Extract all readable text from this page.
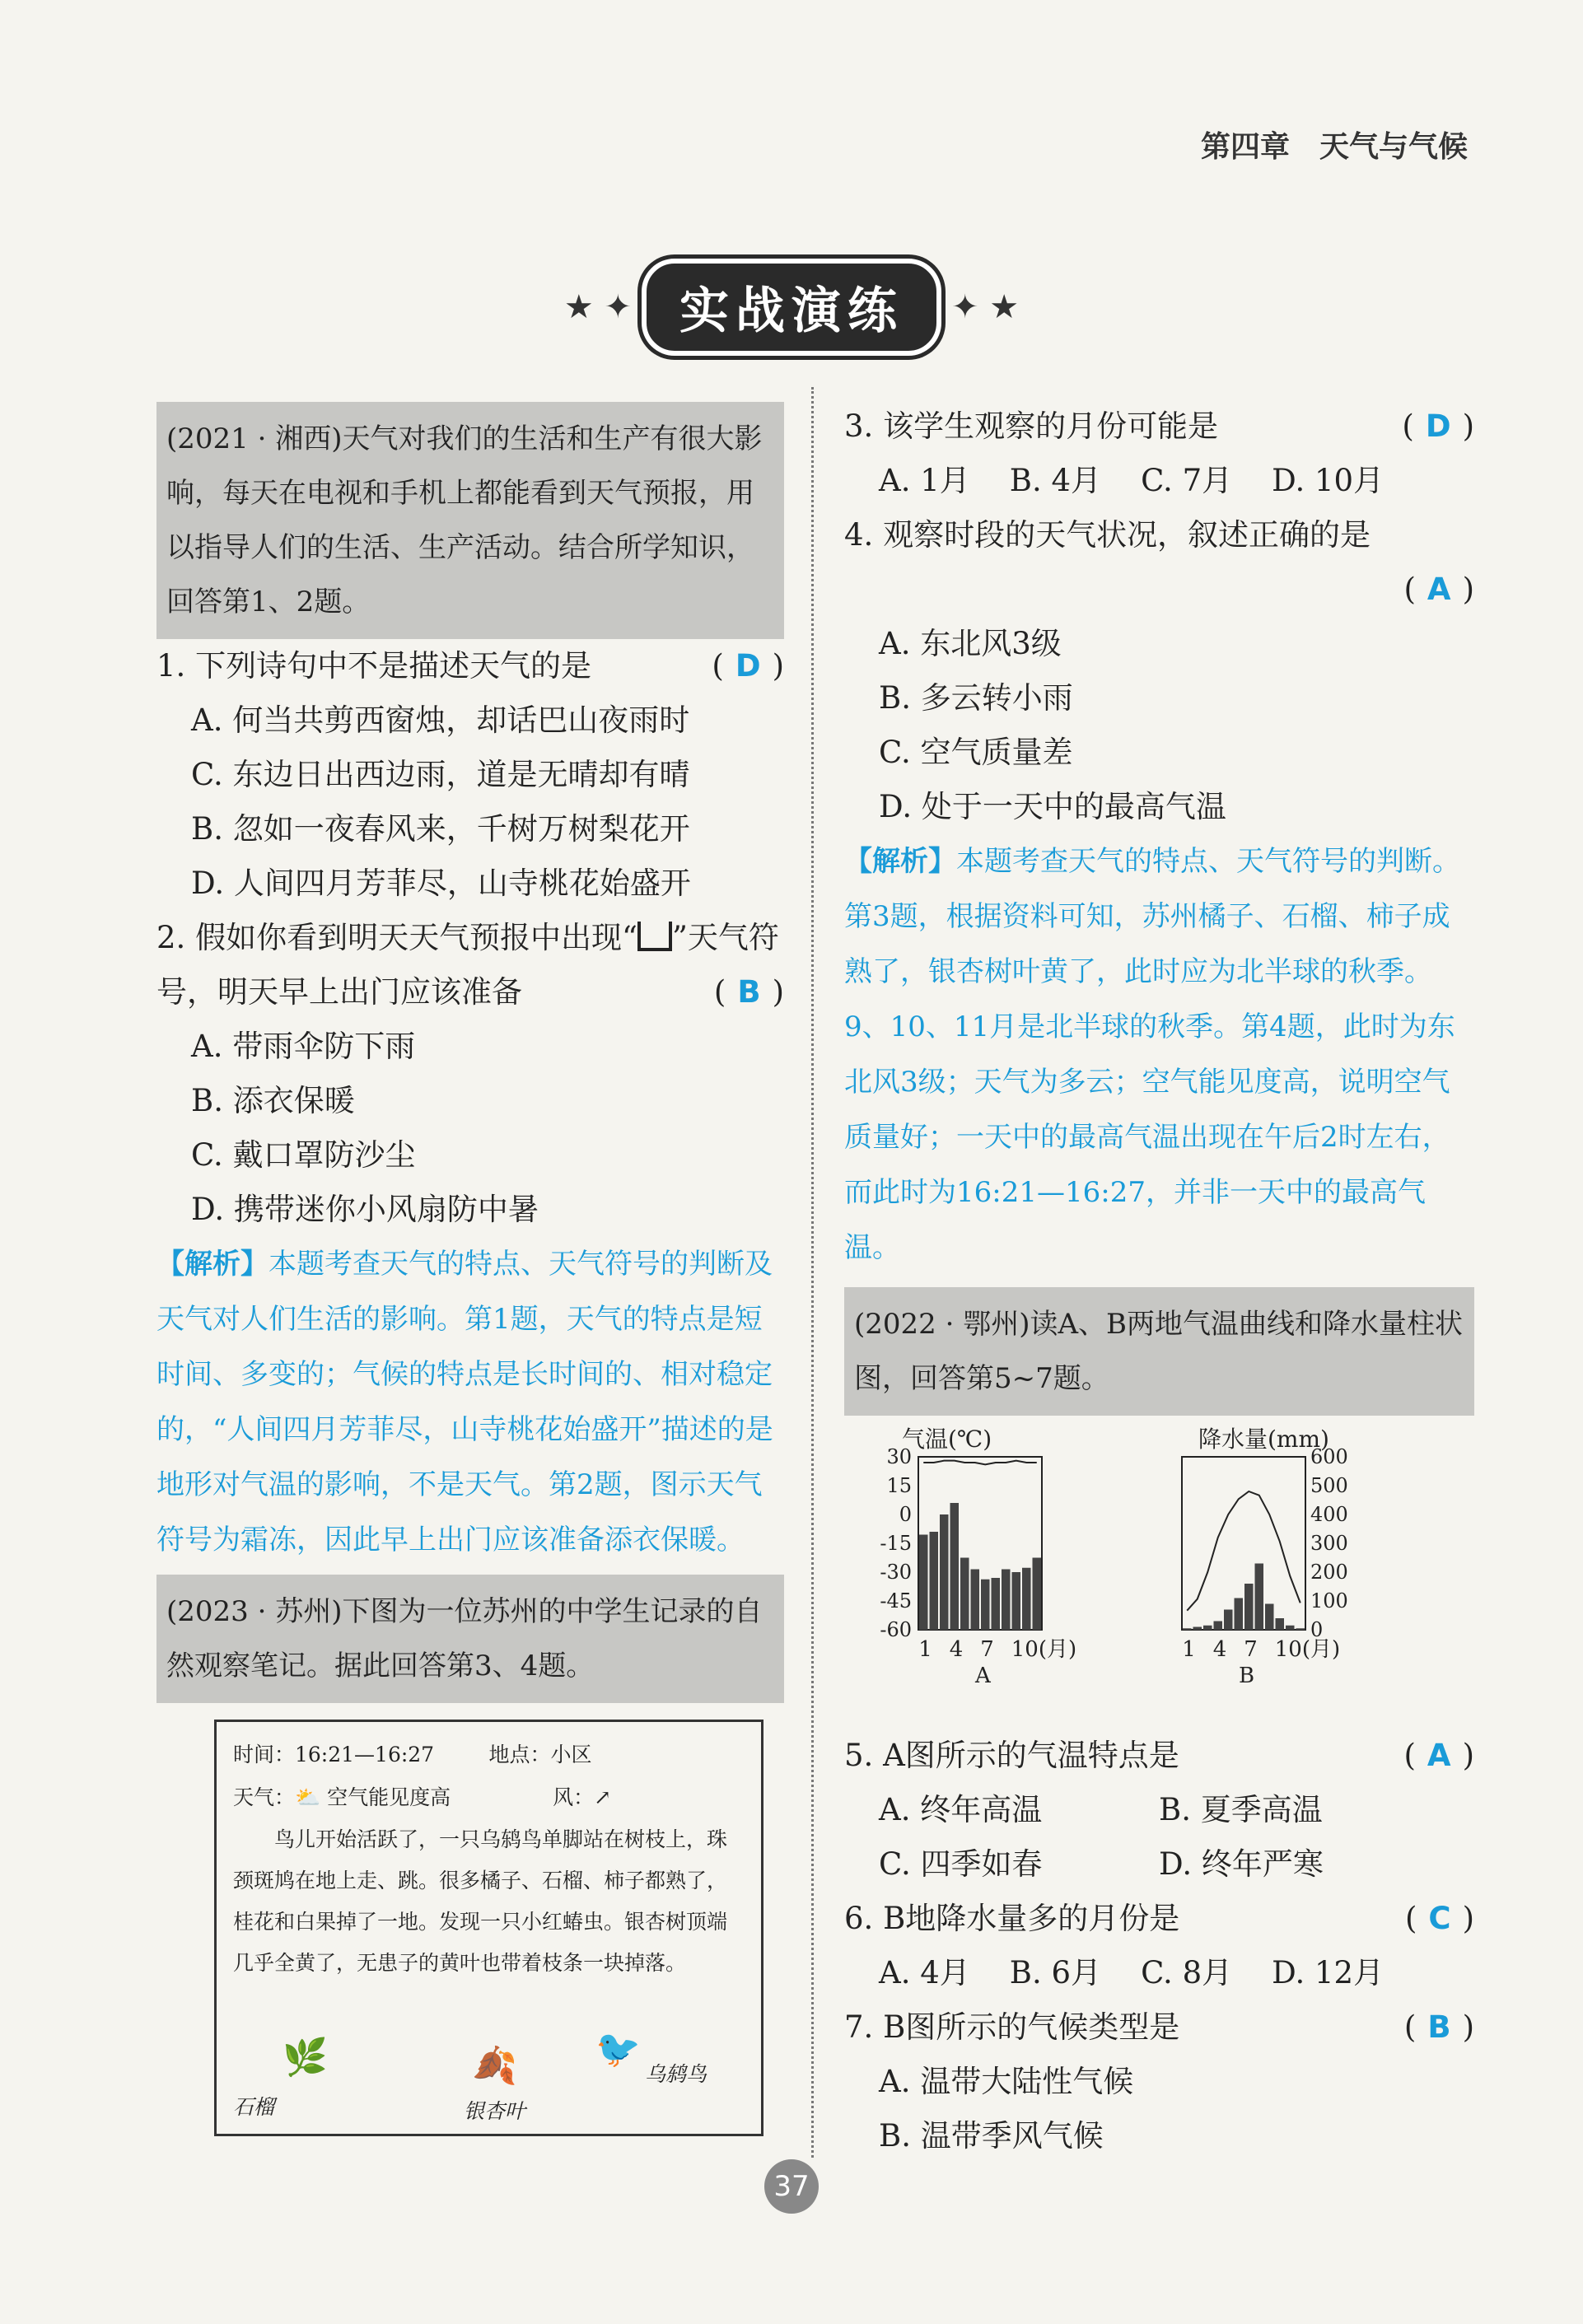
第四章　天气与气候
★ ✦ 实战演练	✦ ★
(2021 · 湘西)天气对我们的生活和生产有很大影响，每天在电视和手机上都能看到天气预报，用以指导人们的生活、生产活动。结合所学知识，回答第1、2题。
1. 下列诗句中不是描述天气的是	( D )
A. 何当共剪西窗烛，却话巴山夜雨时
C. 东边日出西边雨，道是无晴却有晴
B. 忽如一夜春风来，千树万树梨花开
D. 人间四月芳菲尽，山寺桃花始盛开
2. 假如你看到明天天气预报中出现“ ”天气符号，明天早上出门应该准备	( B )
A. 带雨伞防下雨
B. 添衣保暖
C. 戴口罩防沙尘
D. 携带迷你小风扇防中暑
【解析】本题考查天气的特点、天气符号的判断及天气对人们生活的影响。第1题，天气的特点是短时间、多变的；气候的特点是长时间的、相对稳定的，“人间四月芳菲尽，山寺桃花始盛开”描述的是地形对气温的影响，不是天气。第2题，图示天气符号为霜冻，因此早上出门应该准备添衣保暖。
(2023 · 苏州)下图为一位苏州的中学生记录的自然观察笔记。据此回答第3、4题。
时间：16:21—16:27	地点：小区
天气：⛅ 空气能见度高	风：↗
鸟儿开始活跃了，一只乌鸫鸟单脚站在树枝上，珠颈斑鸠在地上走、跳。很多橘子、石榴、柿子都熟了，桂花和白果掉了一地。发现一只小红蝽虫。银杏树顶端几乎全黄了，无患子的黄叶也带着枝条一块掉落。
🌿
石榴
🍂
银杏叶
🐦
乌鸫鸟
3. 该学生观察的月份可能是	( D )
A. 1月 B. 4月 C. 7月 D. 10月
4. 观察时段的天气状况，叙述正确的是
( A )
A. 东北风3级
B. 多云转小雨
C. 空气质量差
D. 处于一天中的最高气温
【解析】本题考查天气的特点、天气符号的判断。第3题，根据资料可知，苏州橘子、石榴、柿子成熟了，银杏树叶黄了，此时应为北半球的秋季。9、10、11月是北半球的秋季。第4题，此时为东北风3级；天气为多云；空气能见度高，说明空气质量好；一天中的最高气温出现在午后2时左右，而此时为16:21—16:27，并非一天中的最高气温。
(2022 · 鄂州)读A、B两地气温曲线和降水量柱状图，回答第5~7题。
1 4 7 10(月)
A
30
15
0
-15
-30
-45
-60
气温(℃)
1 4 7 10(月)
B
600
500
400
300
200
100
0
降水量(mm)
5. A图所示的气温特点是	( A )
A. 终年高温	B. 夏季高温
C. 四季如春	D. 终年严寒
6. B地降水量多的月份是	( C )
A. 4月 B. 6月 C. 8月 D. 12月
7. B图所示的气候类型是	( B )
A. 温带大陆性气候
B. 温带季风气候
37
